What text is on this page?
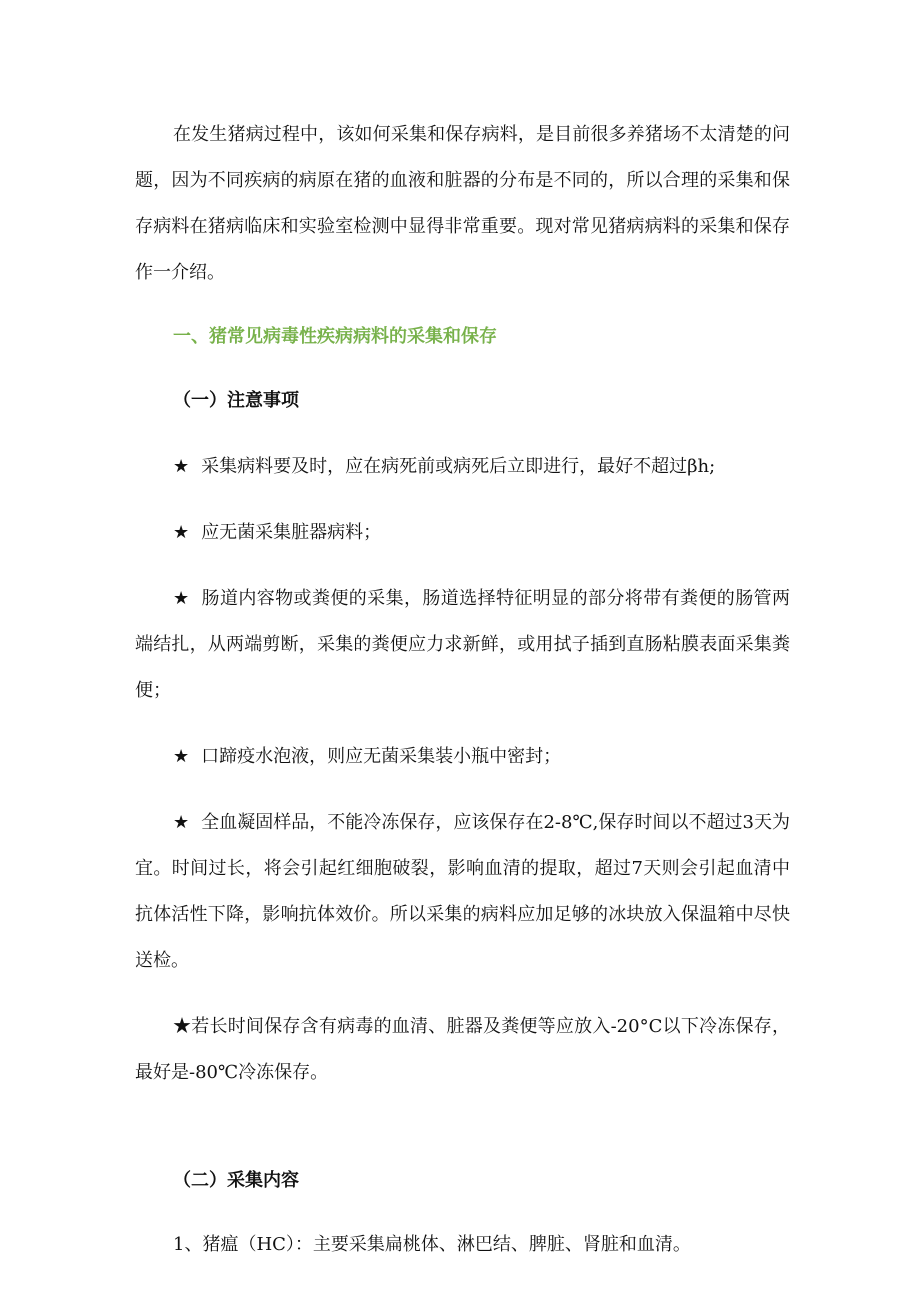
在发生猪病过程中，该如何采集和保存病料，是目前很多养猪场不太清楚的问题，因为不同疾病的病原在猪的血液和脏器的分布是不同的，所以合理的采集和保存病料在猪病临床和实验室检测中显得非常重要。现对常见猪病病料的采集和保存作一介绍。

一、猪常见病毒性疾病病料的采集和保存

（一）注意事项

★ 采集病料要及时，应在病死前或病死后立即进行，最好不超过βh;

★ 应无菌采集脏器病料；

★ 肠道内容物或粪便的采集，肠道选择特征明显的部分将带有粪便的肠管两端结扎，从两端剪断，采集的粪便应力求新鲜，或用拭子插到直肠粘膜表面采集粪便；

★ 口蹄疫水泡液，则应无菌采集装小瓶中密封；

★ 全血凝固样品，不能冷冻保存，应该保存在2-8℃,保存时间以不超过3天为宜。时间过长，将会引起红细胞破裂，影响血清的提取，超过7天则会引起血清中抗体活性下降，影响抗体效价。所以采集的病料应加足够的冰块放入保温箱中尽快送检。

★若长时间保存含有病毒的血清、脏器及粪便等应放入-20°C以下冷冻保存，最好是-80℃冷冻保存。

（二）采集内容

1、猪瘟（HC）：主要采集扁桃体、淋巴结、脾脏、肾脏和血清。
